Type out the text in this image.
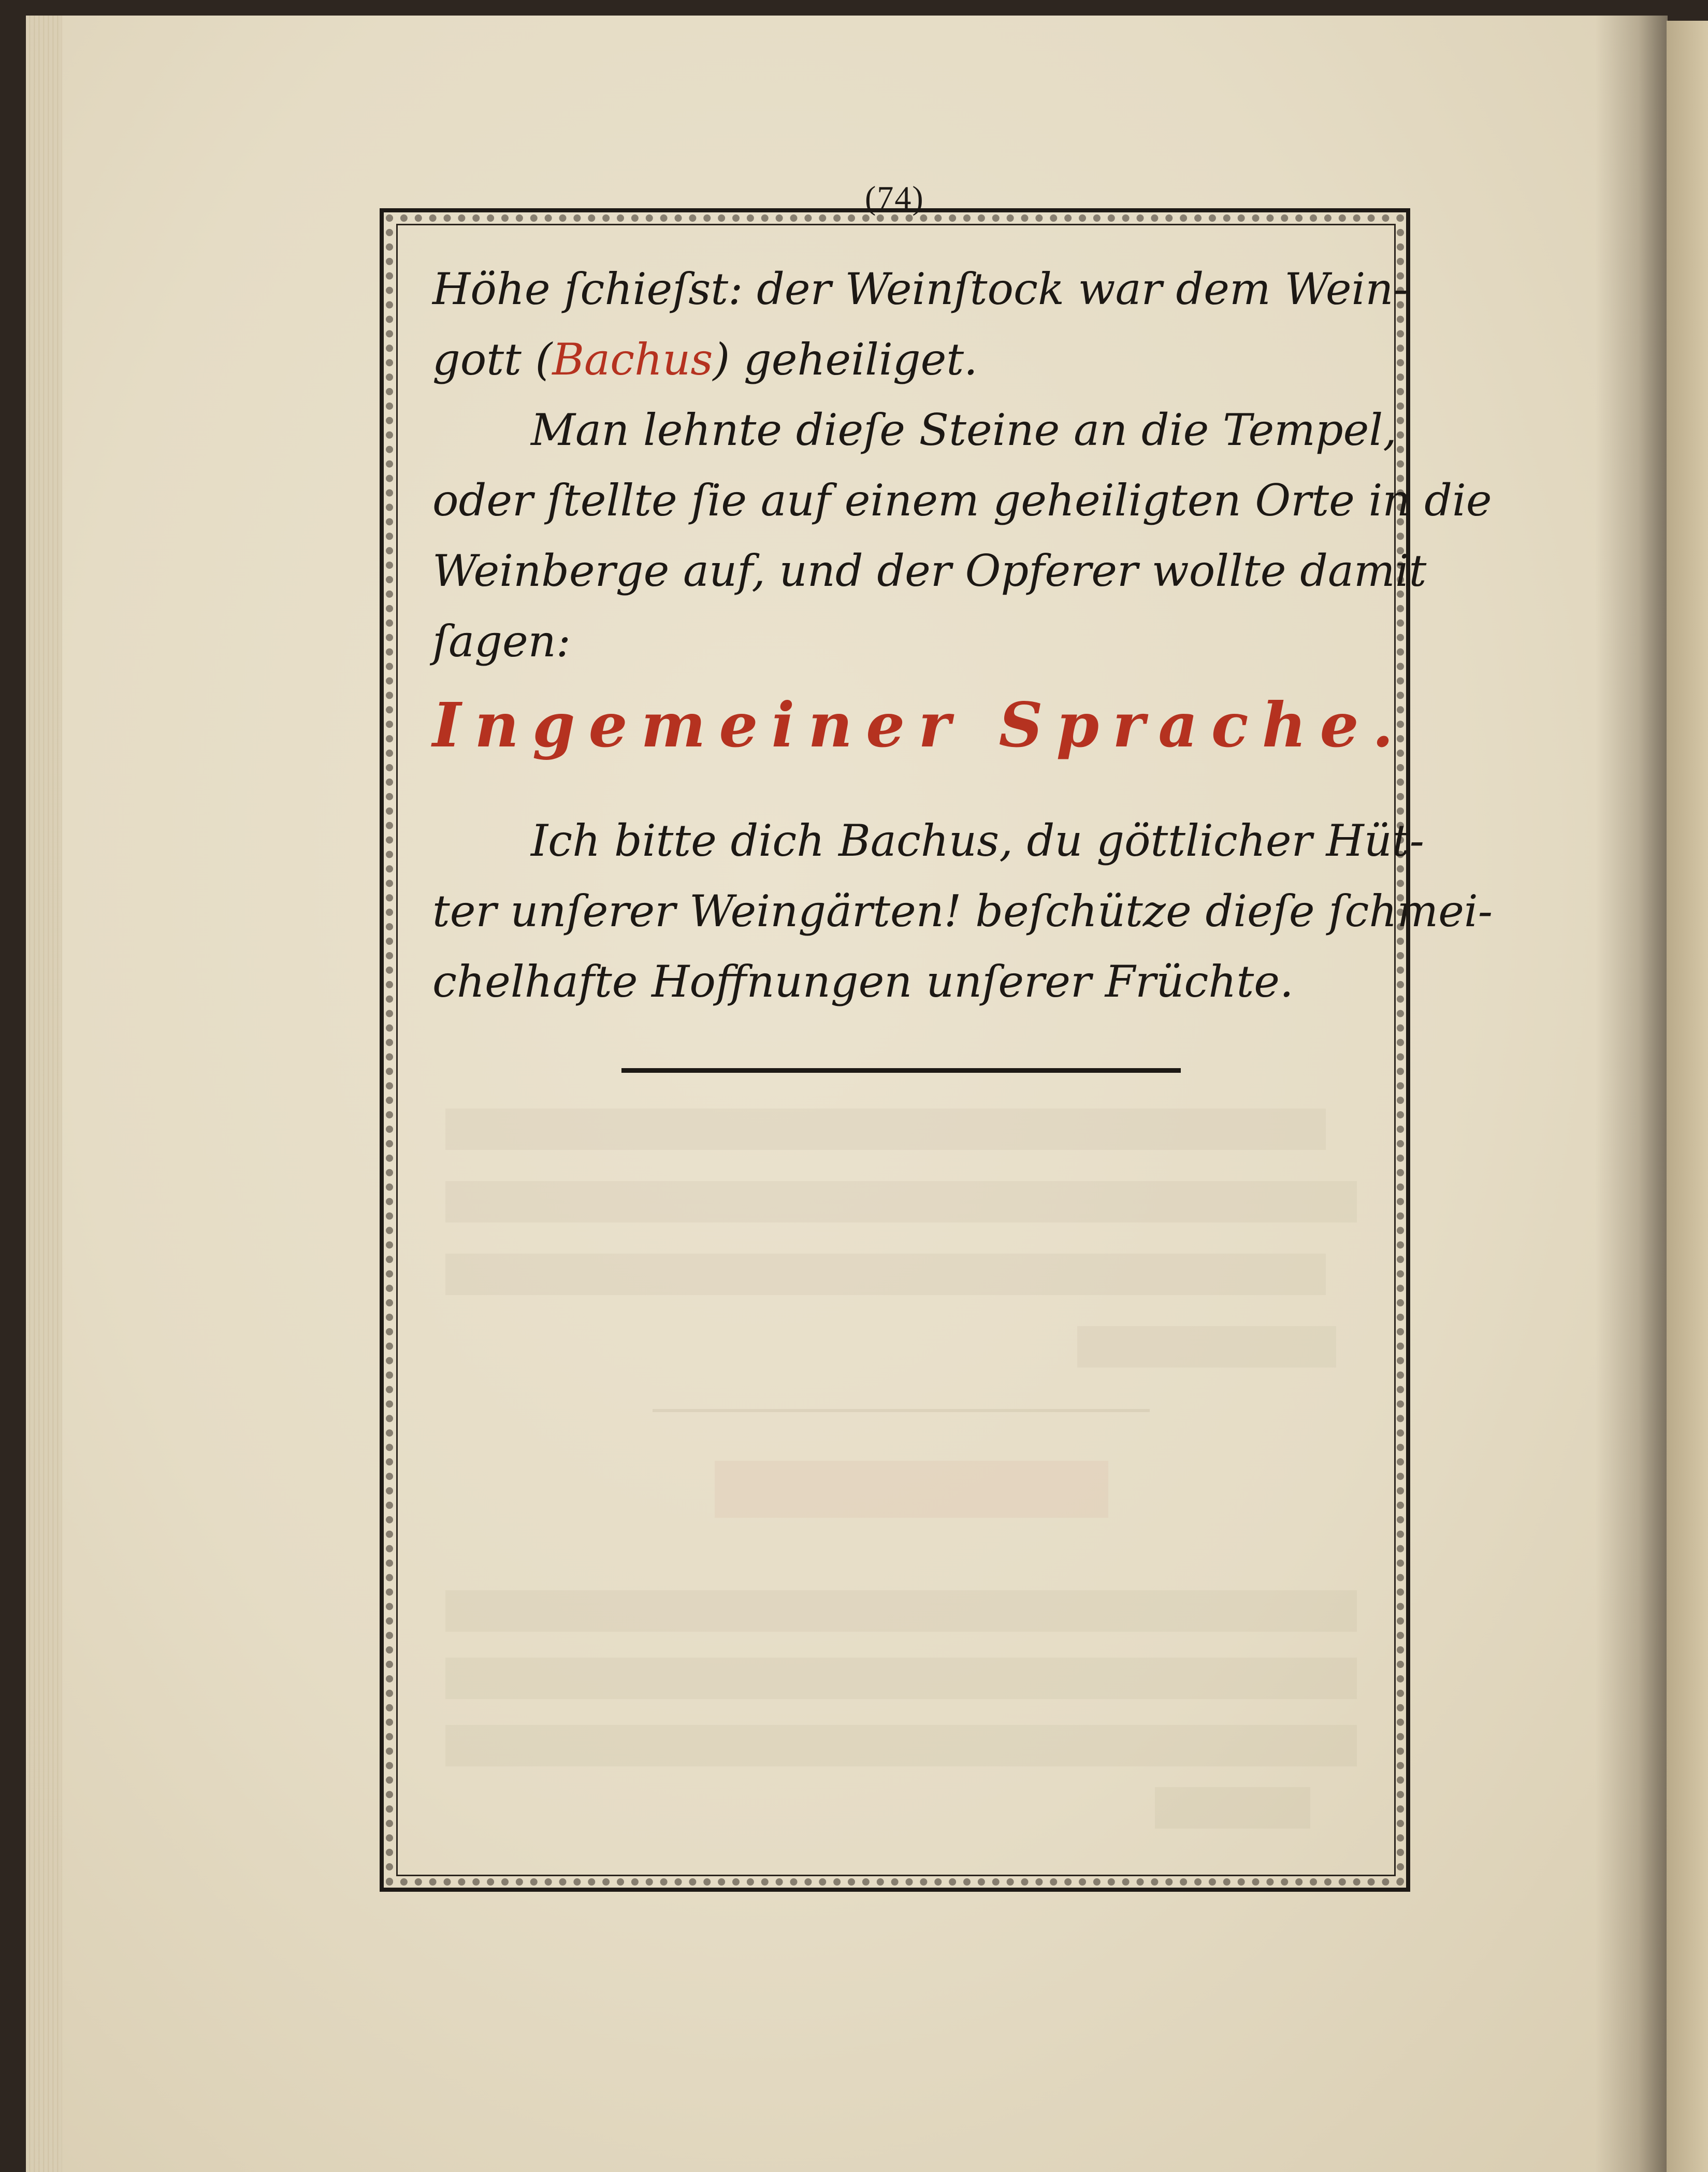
(74)
Höhe ſchieſst: der Weinſtock war dem Wein-
gott (Bachus) geheiliget.
Man lehnte dieſe Steine an die Tempel,
oder ſtellte ſie auf einem geheiligten Orte in die
Weinberge auf, und der Opferer wollte damit
ſagen:
Ingemeiner Sprache.
Ich bitte dich Bachus, du göttlicher Hüt-
ter unſerer Weingärten! beſchütze dieſe ſchmei-
chelhafte Hoffnungen unſerer Früchte.
